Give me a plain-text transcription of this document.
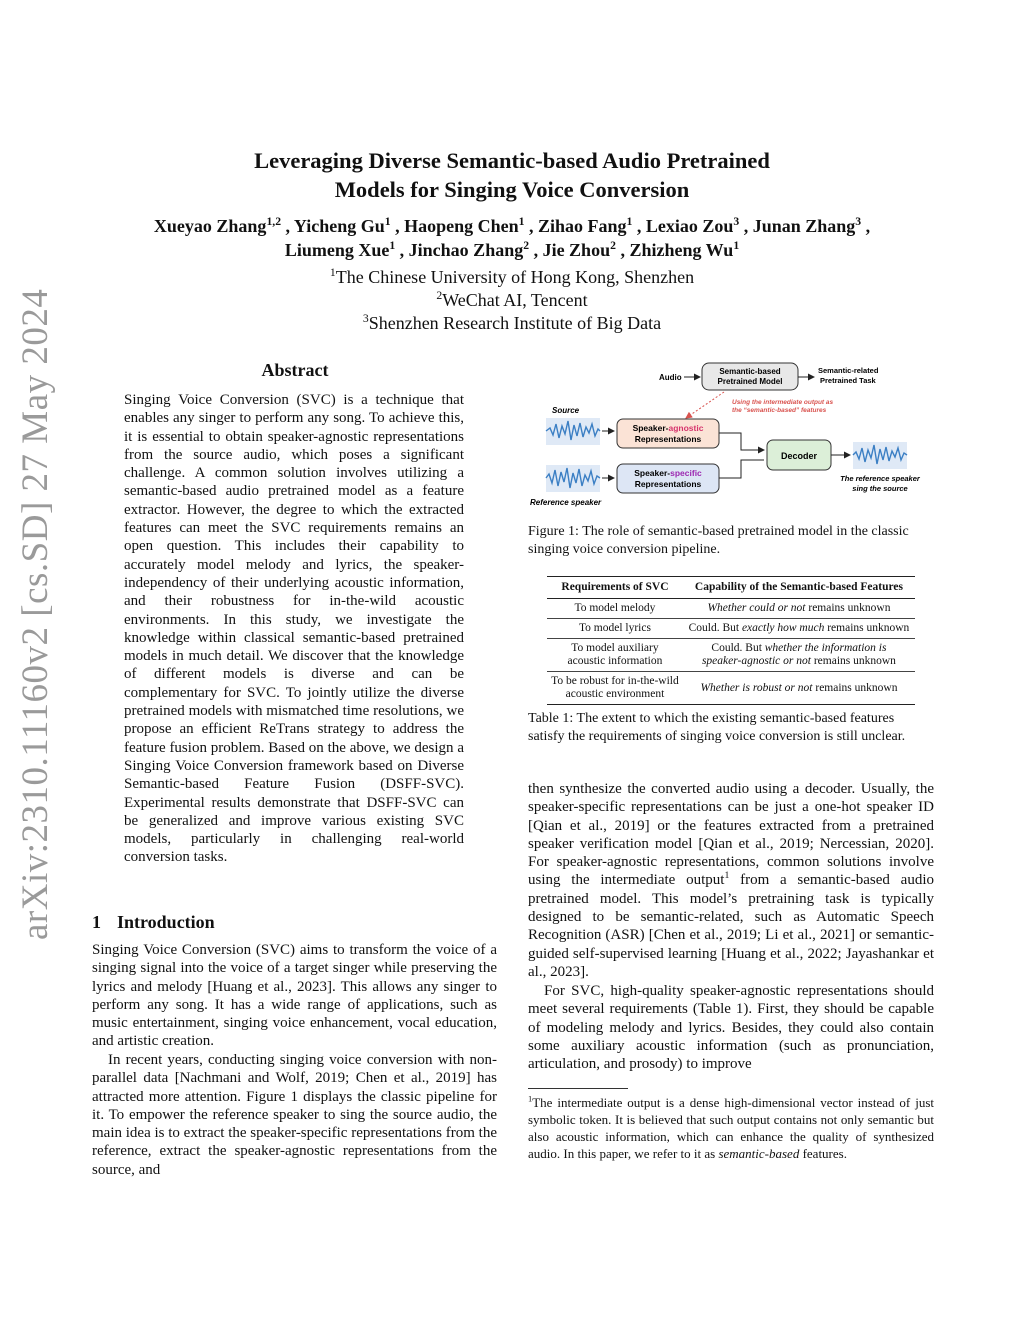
arXiv:2310.11160v2 [cs.SD] 27 May 2024
Leveraging Diverse Semantic-based Audio Pretrained
Models for Singing Voice Conversion
Xueyao Zhang$^{1,2}$ , Yicheng Gu$^1$ , Haopeng Chen$^1$ , Zihao Fang$^1$ , Lexiao Zou$^3$ , Junan Zhang$^3$ , Liumeng Xue$^1$ , Jinchao Zhang$^2$ , Jie Zhou$^2$ , Zhizheng Wu$^1$
$^1$The Chinese University of Hong Kong, Shenzhen
$^2$WeChat AI, Tencent
$^3$Shenzhen Research Institute of Big Data
Abstract
Singing Voice Conversion (SVC) is a technique that enables any singer to perform any song. To achieve this, it is essential to obtain speaker-agnostic representations from the source audio, which poses a significant challenge. A common solution involves utilizing a semantic-based audio pretrained model as a feature extractor. However, the degree to which the extracted features can meet the SVC requirements remains an open question. This includes their capability to accurately model melody and lyrics, the speaker-independency of their underlying acoustic information, and their robustness for in-the-wild acoustic environments. In this study, we investigate the knowledge within classical semantic-based pretrained models in much detail. We discover that the knowledge of different models is diverse and can be complementary for SVC. To jointly utilize the diverse pretrained models with mismatched time resolutions, we propose an efficient ReTrans strategy to address the feature fusion problem. Based on the above, we design a Singing Voice Conversion framework based on Diverse Semantic-based Feature Fusion (DSFF-SVC). Experimental results demonstrate that DSFF-SVC can be generalized and improve various existing SVC models, particularly in challenging real-world conversion tasks.
1 Introduction
Singing Voice Conversion (SVC) aims to transform the voice of a singing signal into the voice of a target singer while preserving the lyrics and melody [Huang et al., 2023]. This allows any singer to perform any song. It has a wide range of applications, such as music entertainment, singing voice enhancement, vocal education, and artistic creation.
In recent years, conducting singing voice conversion with non-parallel data [Nachmani and Wolf, 2019; Chen et al., 2019] has attracted more attention. Figure 1 displays the classic pipeline for it. To empower the reference speaker to sing the source audio, the main idea is to extract the speaker-specific representations from the reference, extract the speaker-agnostic representations from the source, and
Audio
Semantic-based
Pretrained Model
Semantic-related
Pretrained Task
Using the intermediate output as
the “semantic-based” features
Source
Speaker-agnostic
Representations
Reference speaker
Speaker-specific
Representations
Decoder
The reference speaker
sing the source
Figure 1: The role of semantic-based pretrained model in the classic singing voice conversion pipeline.
Requirements of SVC	Capability of the Semantic-based Features
To model melody	Whether could or not remains unknown
To model lyrics	Could. But exactly how much remains unknown
To model auxiliary
acoustic information	Could. But whether the information is
speaker-agnostic or not remains unknown
To be robust for in-the-wild
acoustic environment	Whether is robust or not remains unknown
Table 1: The extent to which the existing semantic-based features satisfy the requirements of singing voice conversion is still unclear.
then synthesize the converted audio using a decoder. Usually, the speaker-specific representations can be just a one-hot speaker ID [Qian et al., 2019] or the features extracted from a pretrained speaker verification model [Qian et al., 2019; Nercessian, 2020]. For speaker-agnostic representations, common solutions involve using the intermediate output$^1$ from a semantic-based audio pretrained model. This model’s pretraining task is typically designed to be semantic-related, such as Automatic Speech Recognition (ASR) [Chen et al., 2019; Li et al., 2021] or semantic-guided self-supervised learning [Huang et al., 2022; Jayashankar et al., 2023].
For SVC, high-quality speaker-agnostic representations should meet several requirements (Table 1). First, they should be capable of modeling melody and lyrics. Besides, they could also contain some auxiliary acoustic information (such as pronunciation, articulation, and prosody) to improve
$^1$The intermediate output is a dense high-dimensional vector instead of just symbolic token. It is believed that such output contains not only semantic but also acoustic information, which can enhance the quality of synthesized audio. In this paper, we refer to it as semantic-based features.
